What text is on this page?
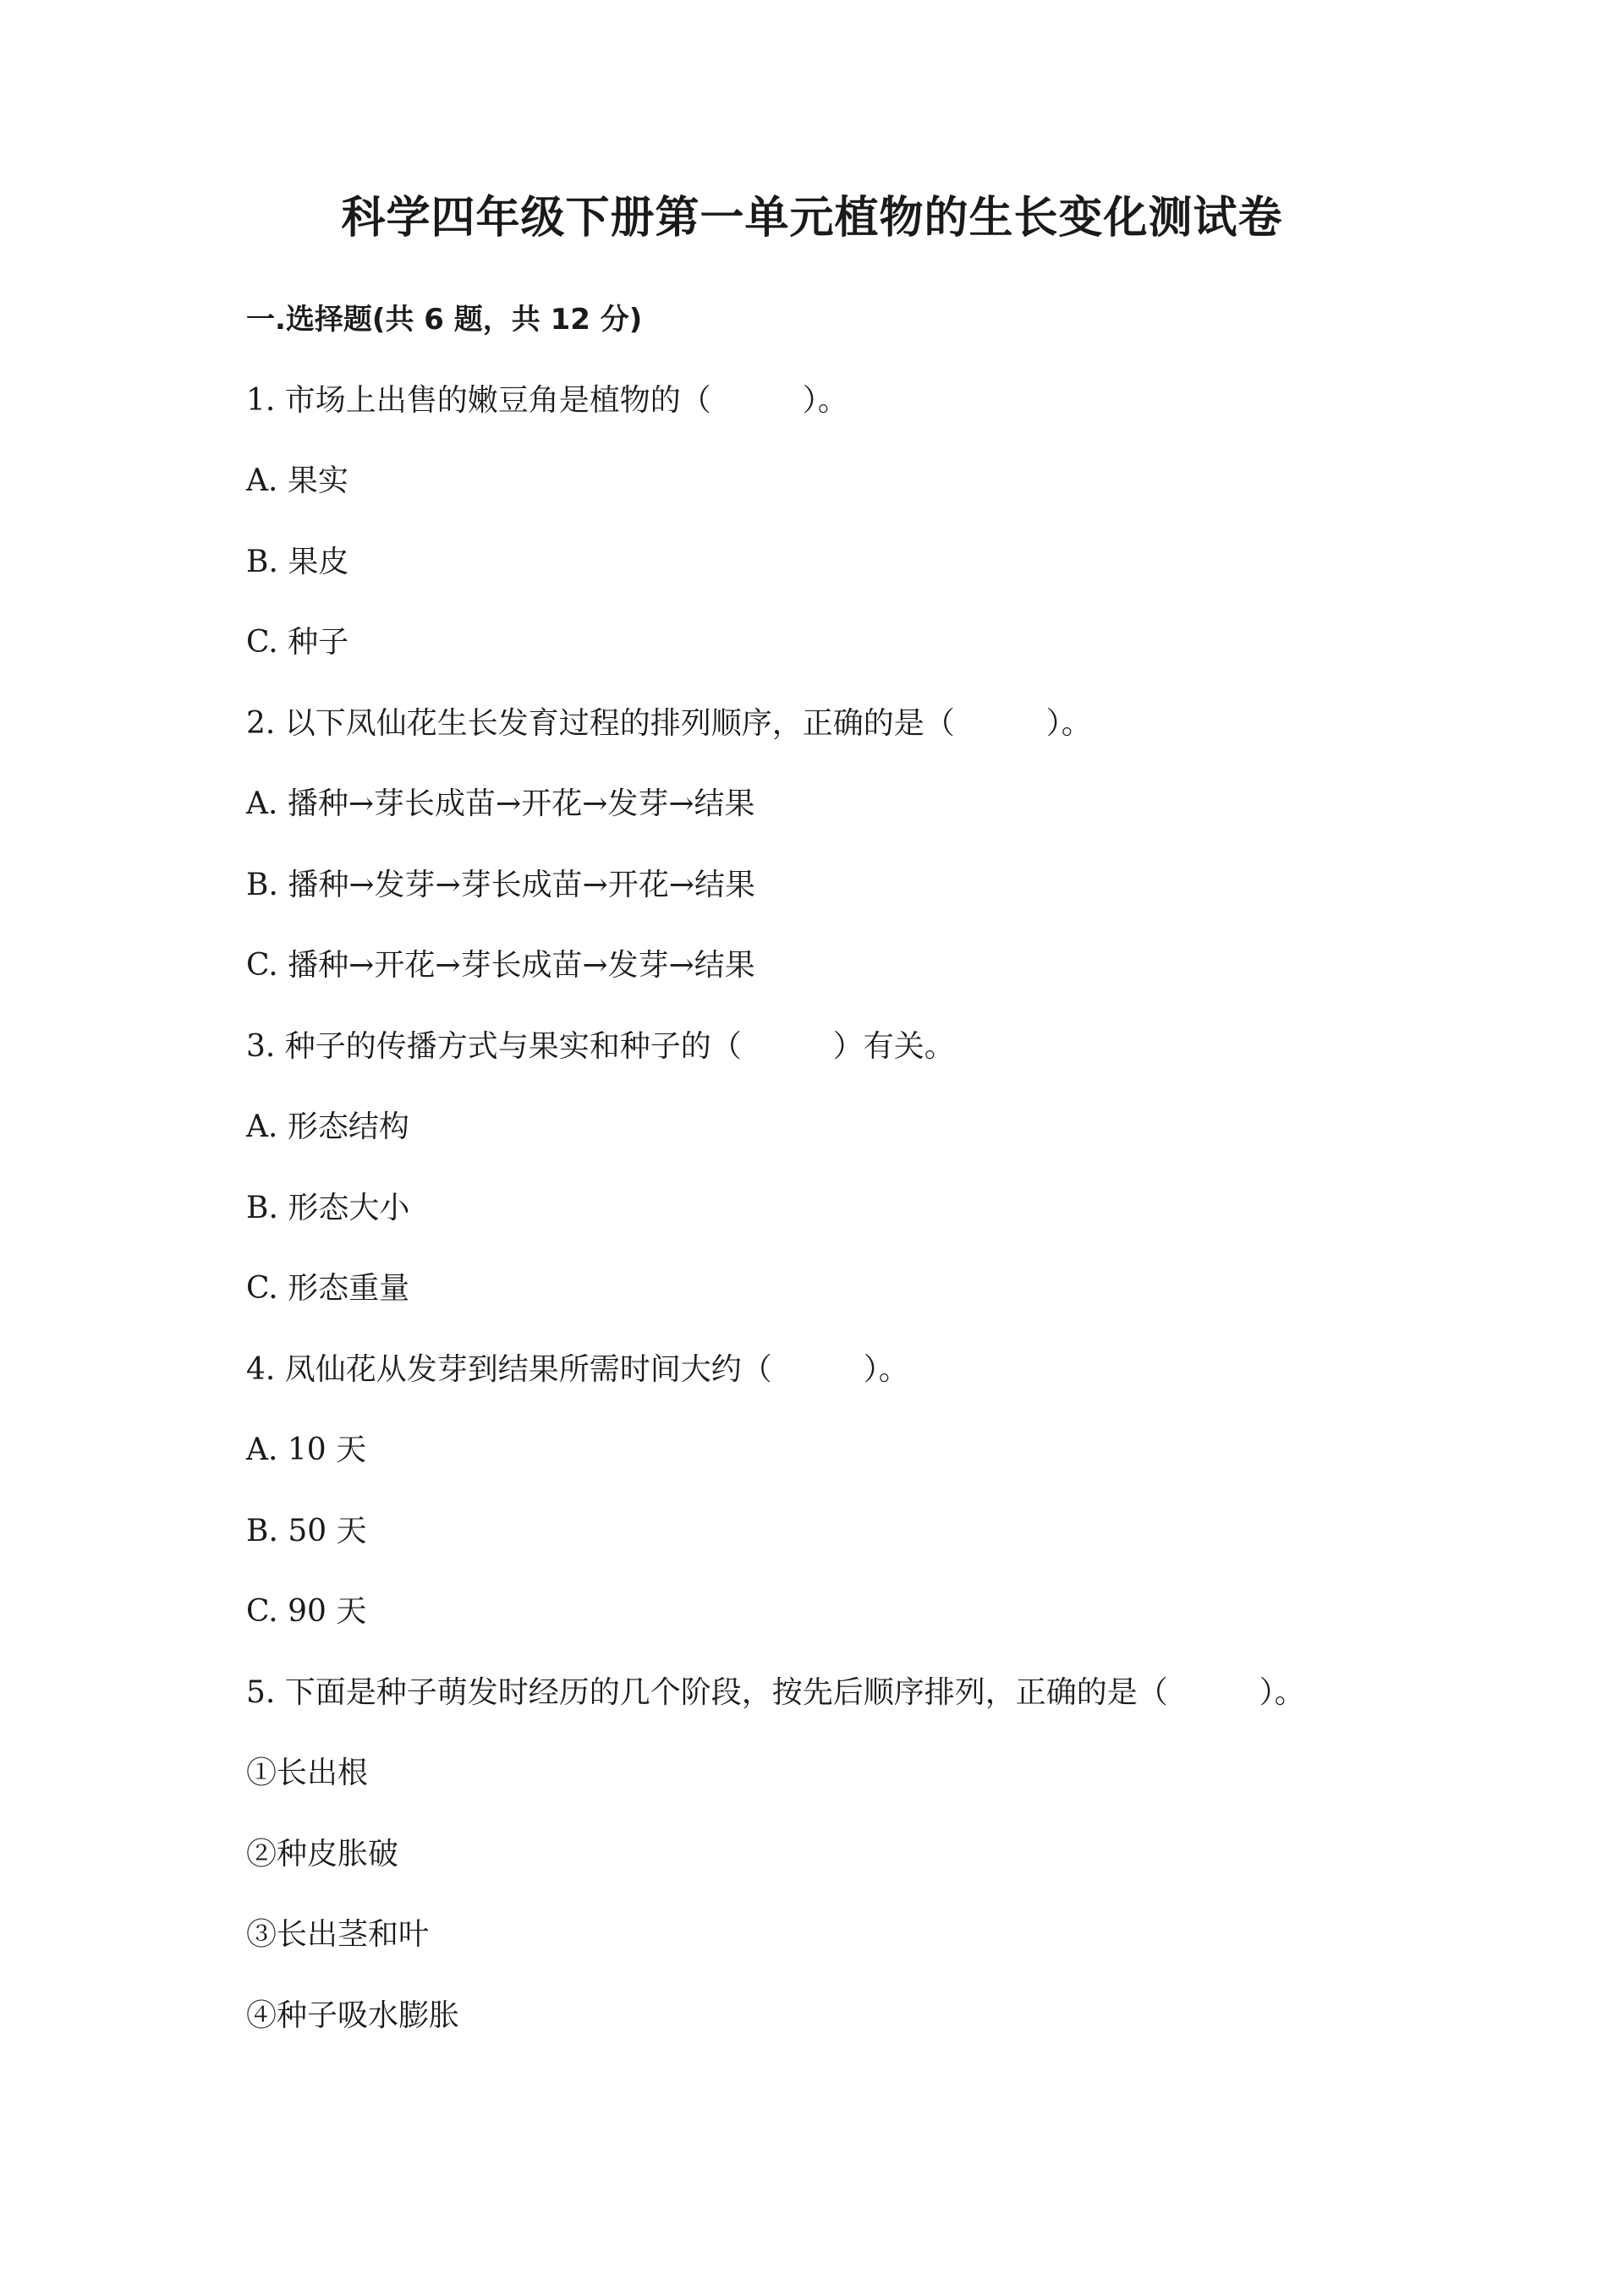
科学四年级下册第一单元植物的生长变化测试卷
一.选择题(共 6 题，共 12 分)
1. 市场上出售的嫩豆角是植物的（　　　）。
A. 果实
B. 果皮
C. 种子
2. 以下凤仙花生长发育过程的排列顺序，正确的是（　　　）。
A. 播种→芽长成苗→开花→发芽→结果
B. 播种→发芽→芽长成苗→开花→结果
C. 播种→开花→芽长成苗→发芽→结果
3. 种子的传播方式与果实和种子的（　　　）有关。
A. 形态结构
B. 形态大小
C. 形态重量
4. 凤仙花从发芽到结果所需时间大约（　　　）。
A. 10 天
B. 50 天
C. 90 天
5. 下面是种子萌发时经历的几个阶段，按先后顺序排列，正确的是（　　　）。
①长出根
②种皮胀破
③长出茎和叶
④种子吸水膨胀
